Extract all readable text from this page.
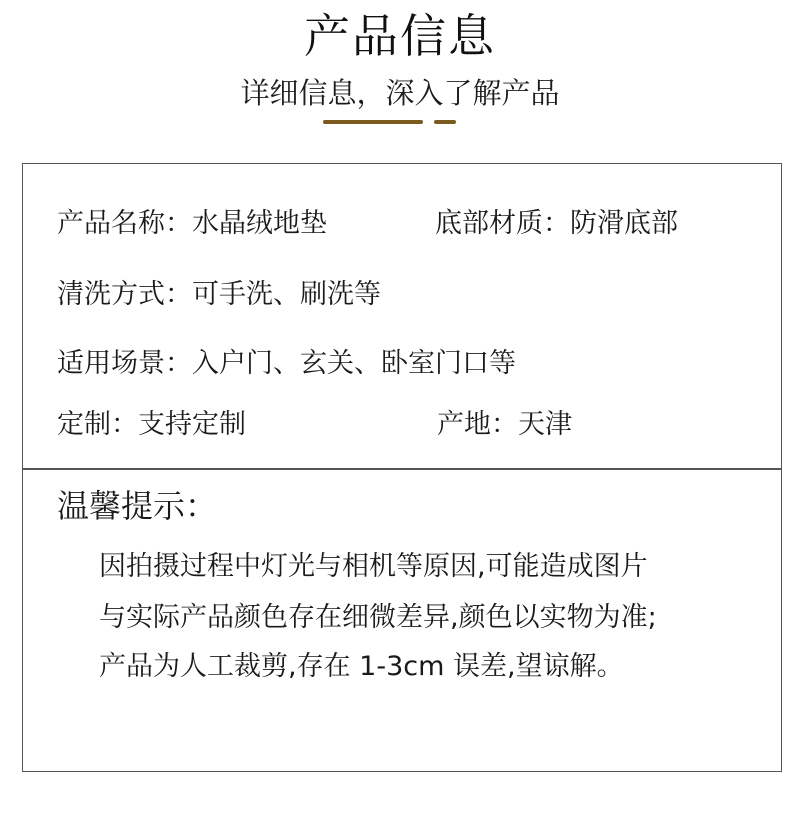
产品信息
详细信息，深入了解产品
产品名称：水晶绒地垫	底部材质：防滑底部
清洗方式：可手洗、刷洗等
适用场景：入户门、玄关、卧室门口等
定制：支持定制	产地：天津
温馨提示：
因拍摄过程中灯光与相机等原因,可能造成图片
与实际产品颜色存在细微差异,颜色以实物为准;
产品为人工裁剪,存在 1-3cm 误差,望谅解。
